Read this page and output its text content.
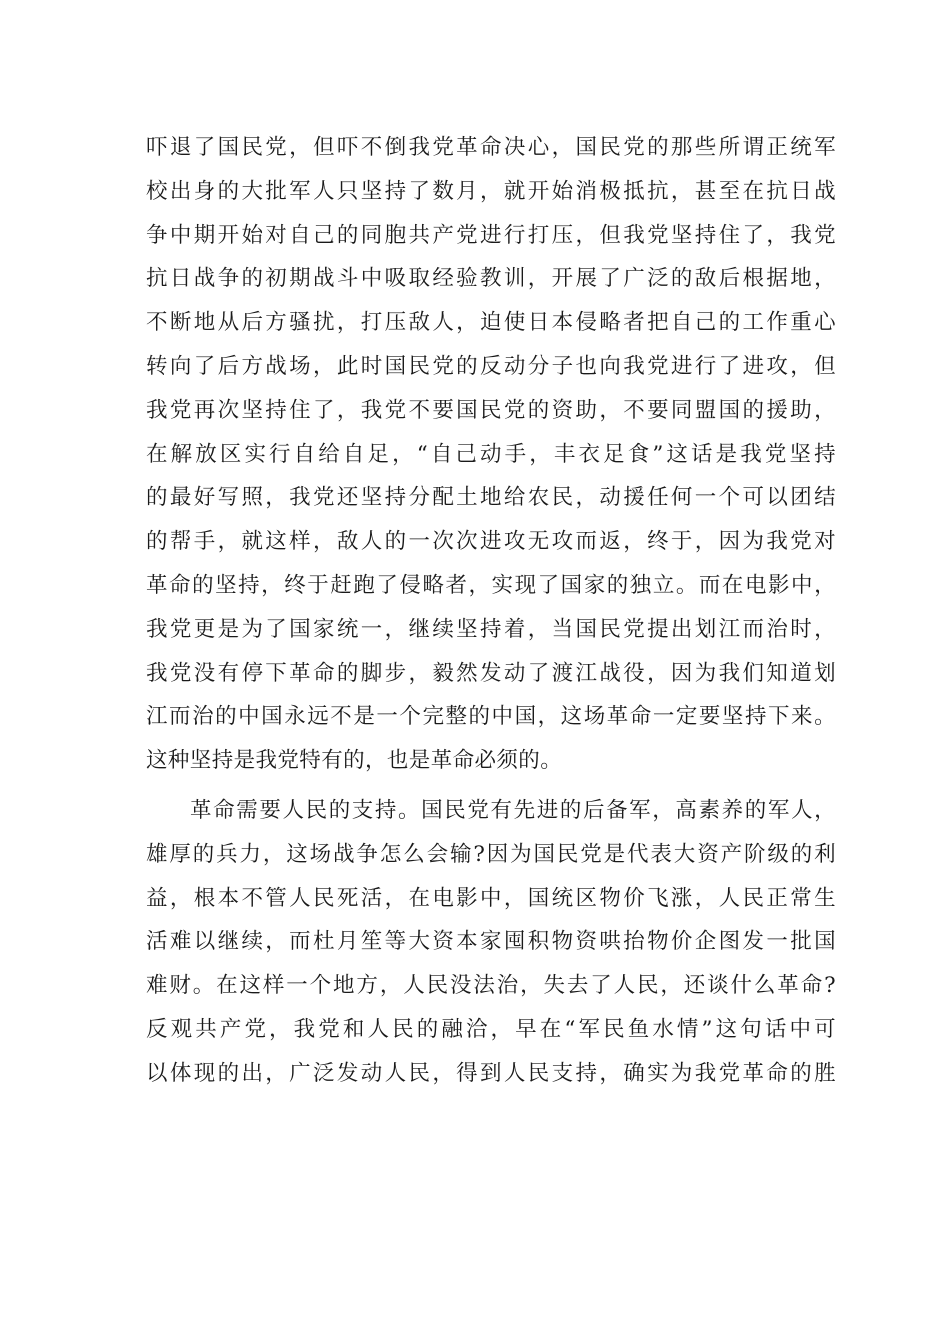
吓退了国民党，但吓不倒我党革命决心，国民党的那些所谓正统军
校出身的大批军人只坚持了数月，就开始消极抵抗，甚至在抗日战
争中期开始对自己的同胞共产党进行打压，但我党坚持住了，我党
抗日战争的初期战斗中吸取经验教训，开展了广泛的敌后根据地，
不断地从后方骚扰，打压敌人，迫使日本侵略者把自己的工作重心
转向了后方战场，此时国民党的反动分子也向我党进行了进攻，但
我党再次坚持住了，我党不要国民党的资助，不要同盟国的援助，
在解放区实行自给自足，“自己动手，丰衣足食”这话是我党坚持
的最好写照，我党还坚持分配土地给农民，动援任何一个可以团结
的帮手，就这样，敌人的一次次进攻无攻而返，终于，因为我党对
革命的坚持，终于赶跑了侵略者，实现了国家的独立。而在电影中，
我党更是为了国家统一，继续坚持着，当国民党提出划江而治时，
我党没有停下革命的脚步，毅然发动了渡江战役，因为我们知道划
江而治的中国永远不是一个完整的中国，这场革命一定要坚持下来。
这种坚持是我党特有的，也是革命必须的。
革命需要人民的支持。国民党有先进的后备军，高素养的军人，
雄厚的兵力，这场战争怎么会输?因为国民党是代表大资产阶级的利
益，根本不管人民死活，在电影中，国统区物价飞涨，人民正常生
活难以继续，而杜月笙等大资本家囤积物资哄抬物价企图发一批国
难财。在这样一个地方，人民没法治，失去了人民，还谈什么革命?
反观共产党，我党和人民的融洽，早在“军民鱼水情”这句话中可
以体现的出，广泛发动人民，得到人民支持，确实为我党革命的胜
